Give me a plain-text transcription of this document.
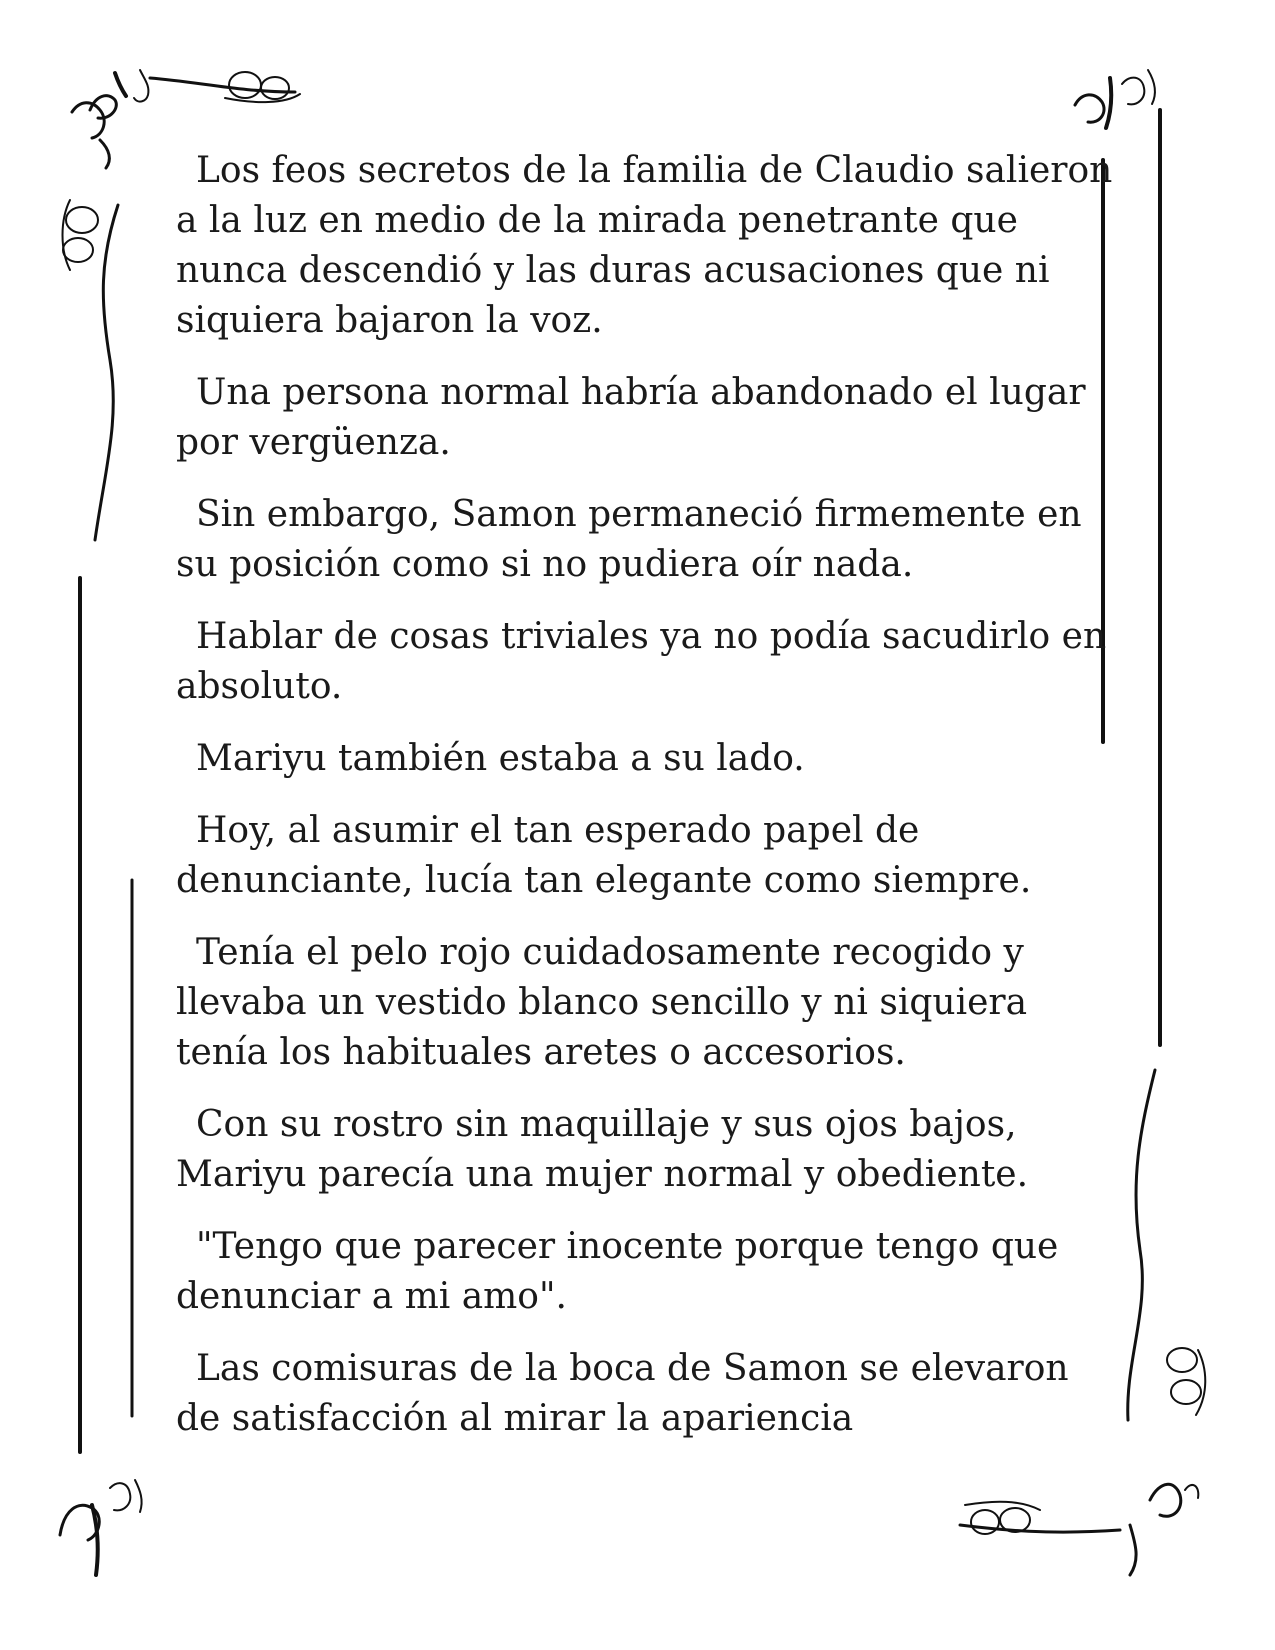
Los feos secretos de la familia de Claudio salieron a la luz en medio de la mirada penetrante que nunca descendió y las duras acusaciones que ni siquiera bajaron la voz.

Una persona normal habría abandonado el lugar por vergüenza.

Sin embargo, Samon permaneció firmemente en su posición como si no pudiera oír nada.

Hablar de cosas triviales ya no podía sacudirlo en absoluto.

Mariyu también estaba a su lado.

Hoy, al asumir el tan esperado papel de denunciante, lucía tan elegante como siempre.

Tenía el pelo rojo cuidadosamente recogido y llevaba un vestido blanco sencillo y ni siquiera tenía los habituales aretes o accesorios.

Con su rostro sin maquillaje y sus ojos bajos, Mariyu parecía una mujer normal y obediente.

"Tengo que parecer inocente porque tengo que denunciar a mi amo".

Las comisuras de la boca de Samon se elevaron de satisfacción al mirar la apariencia
